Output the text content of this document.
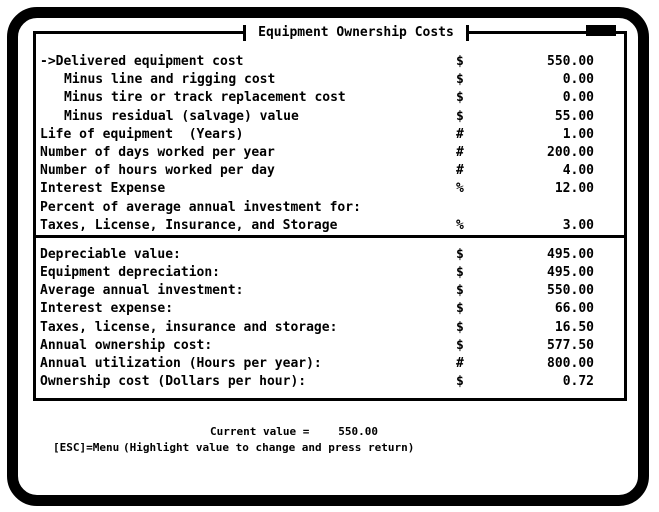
Equipment Ownership Costs
->Delivered equipment cost	$	550.00
Minus line and rigging cost	$	0.00
Minus tire or track replacement cost	$	0.00
Minus residual (salvage) value	$	55.00
Life of equipment  (Years)	#	1.00
Number of days worked per year	#	200.00
Number of hours worked per day	#	4.00
Interest Expense	%	12.00
Percent of average annual investment for:
Taxes, License, Insurance, and Storage	%	3.00
Depreciable value:	$	495.00
Equipment depreciation:	$	495.00
Average annual investment:	$	550.00
Interest expense:	$	66.00
Taxes, license, insurance and storage:	$	16.50
Annual ownership cost:	$	577.50
Annual utilization (Hours per year):	#	800.00
Ownership cost (Dollars per hour):	$	0.72
Current value =	550.00
[ESC]=Menu (Highlight value to change and press return)
